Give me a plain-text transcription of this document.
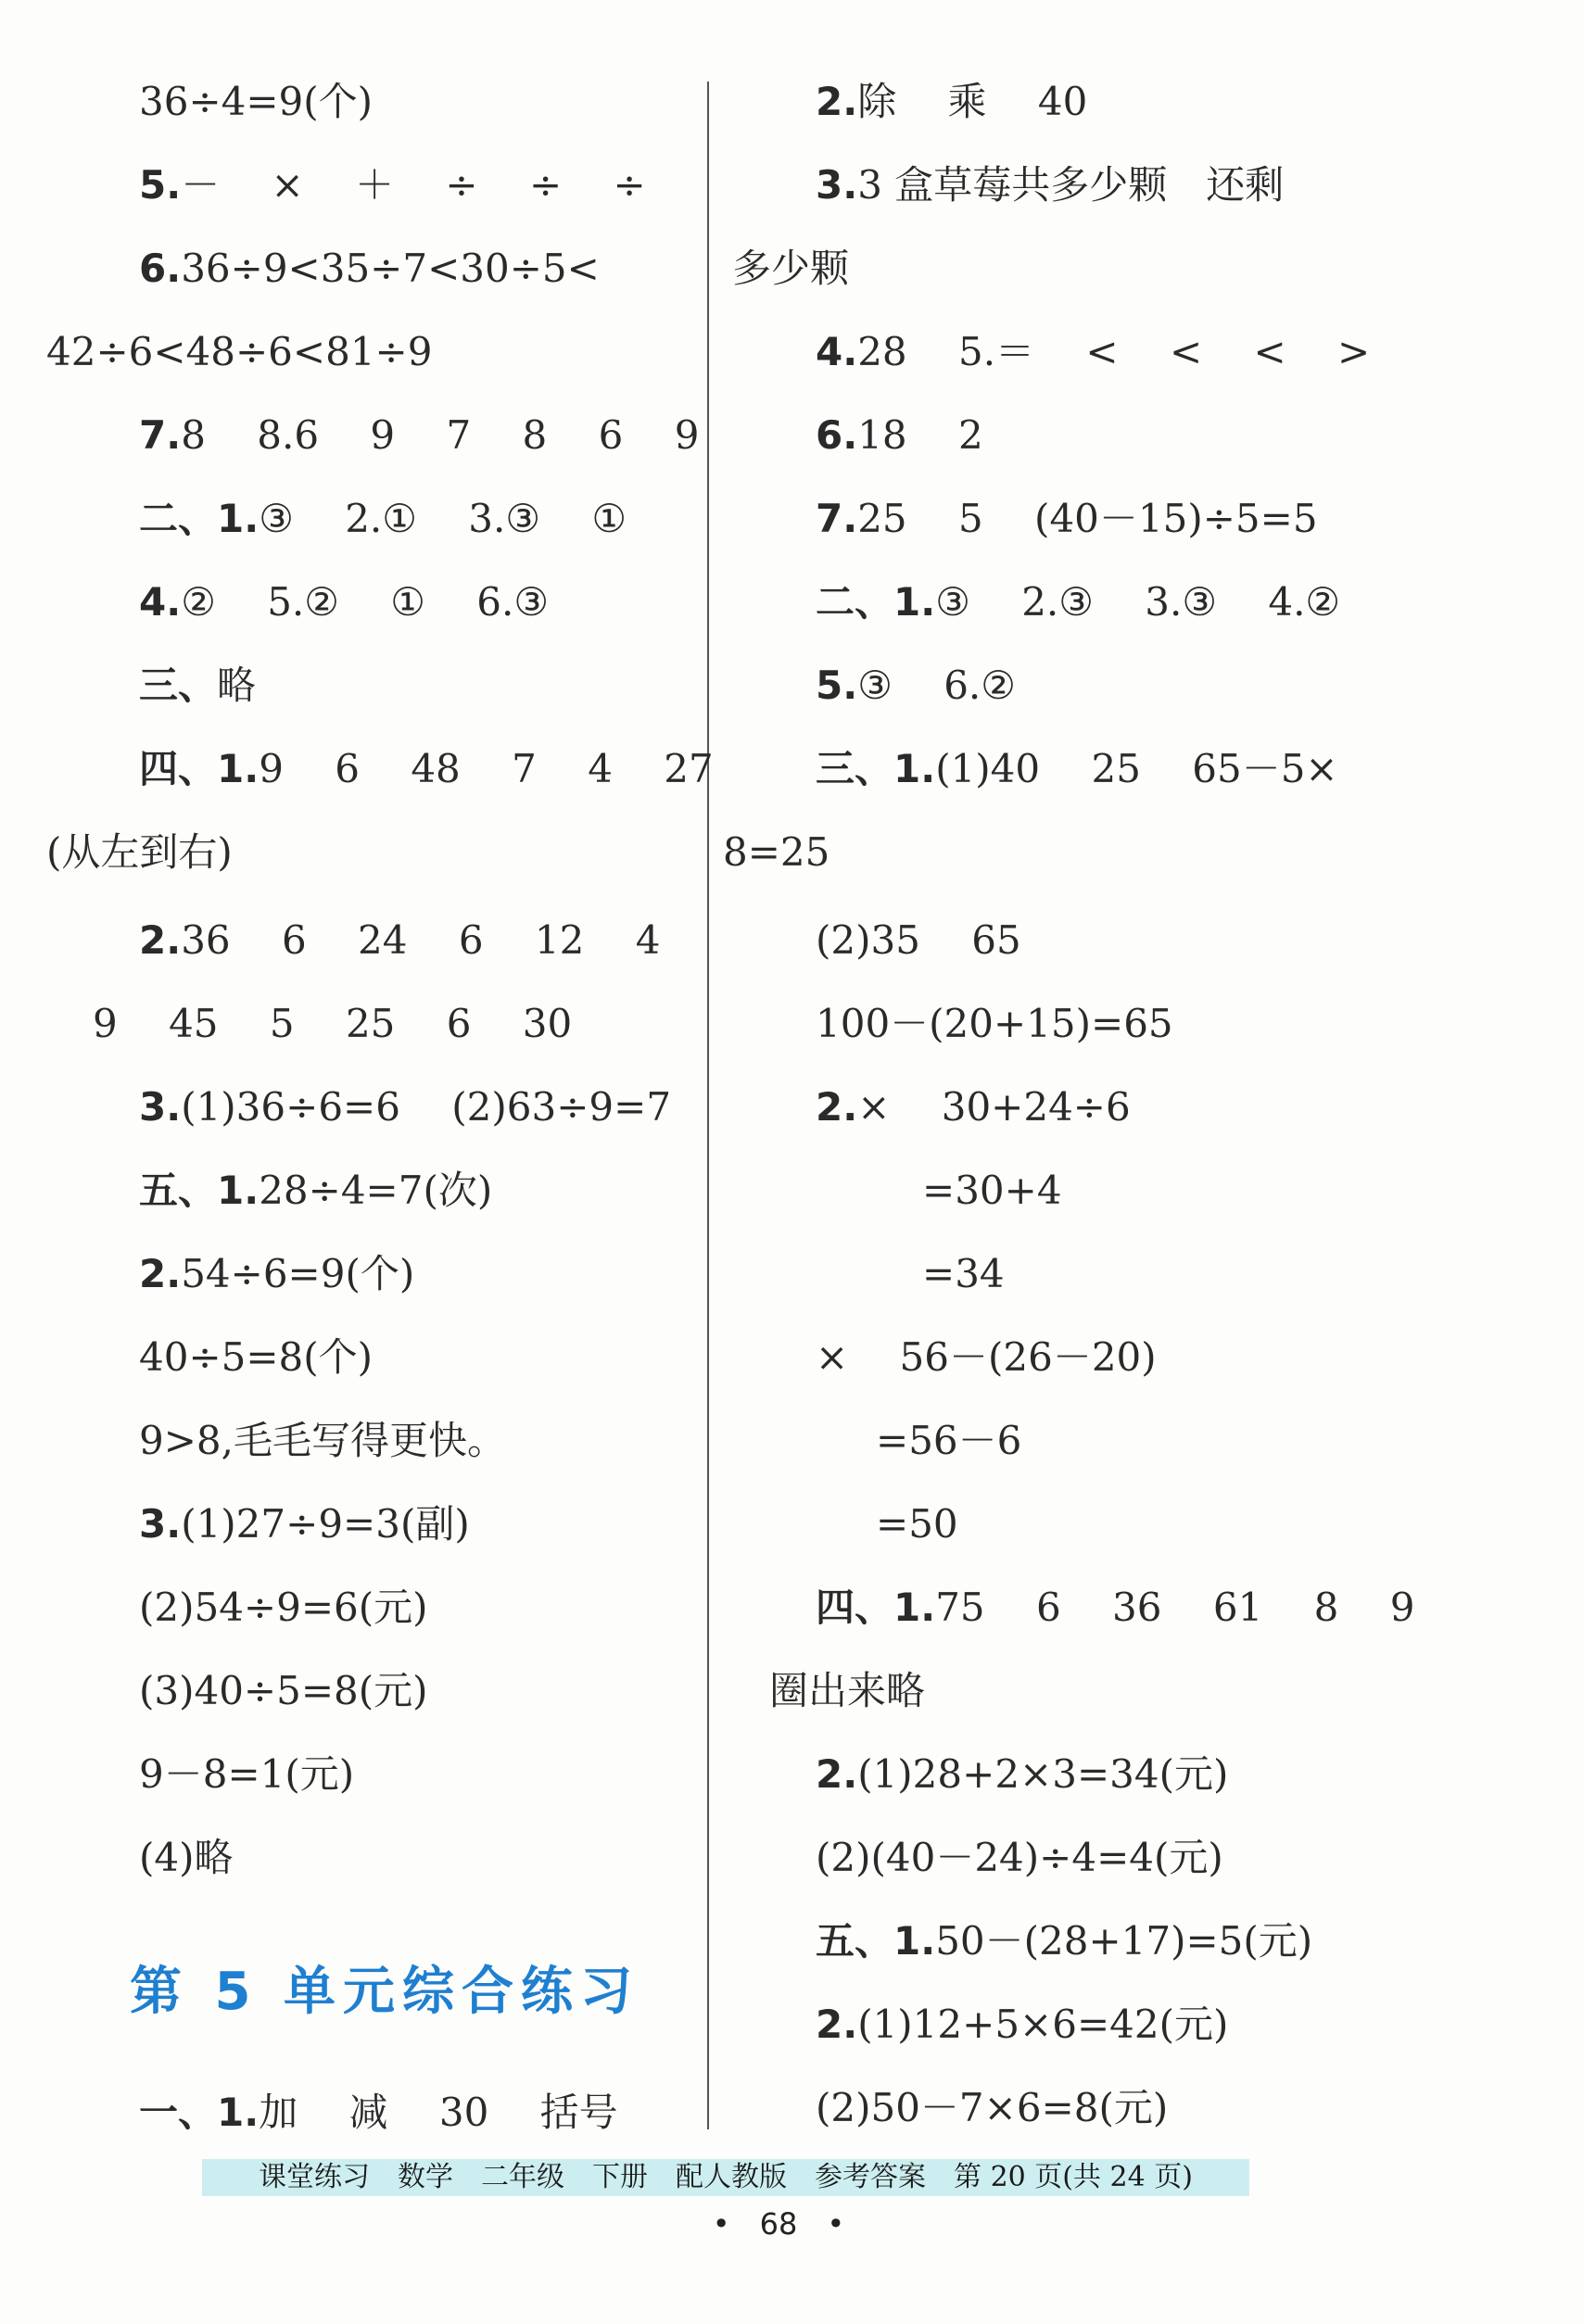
36÷4=9(个)
5.－　 ×　 ＋　 ÷　 ÷　 ÷
6.36÷9<35÷7<30÷5<
42÷6<48÷6<81÷9
7.8　 8.6　 9　 7　 8　 6　 9
二、1.③　 2.①　 3.③　 ①
4.②　 5.②　 ①　 6.③
三、略
四、1.9　 6　 48　 7　 4　 27
(从左到右)
2.36　 6　 24　 6　 12　 4
9　 45　 5　 25　 6　 30
3.(1)36÷6=6　 (2)63÷9=7
五、1.28÷4=7(次)
2.54÷6=9(个)
40÷5=8(个)
9>8,毛毛写得更快。
3.(1)27÷9=3(副)
(2)54÷9=6(元)
(3)40÷5=8(元)
9－8=1(元)
(4)略
第 5 单元综合练习
一、1.加　 减　 30　 括号
2.除　 乘　 40
3.3 盒草莓共多少颗　还剩
多少颗
4.28　 5.＝　 <　 <　 <　 >
6.18　 2
7.25　 5　 (40－15)÷5=5
二、1.③　 2.③　 3.③　 4.②
5.③　 6.②
三、1.(1)40　 25　 65－5×
8=25
(2)35　 65
100－(20+15)=65
2.×　 30+24÷6
=30+4
=34
×　 56－(26－20)
=56－6
=50
四、1.75　 6　 36　 61　 8　 9
圈出来略
2.(1)28+2×3=34(元)
(2)(40－24)÷4=4(元)
五、1.50－(28+17)=5(元)
2.(1)12+5×6=42(元)
(2)50－7×6=8(元)
课堂练习　数学　二年级　下册　配人教版　参考答案　第 20 页(共 24 页)
•　68　•
